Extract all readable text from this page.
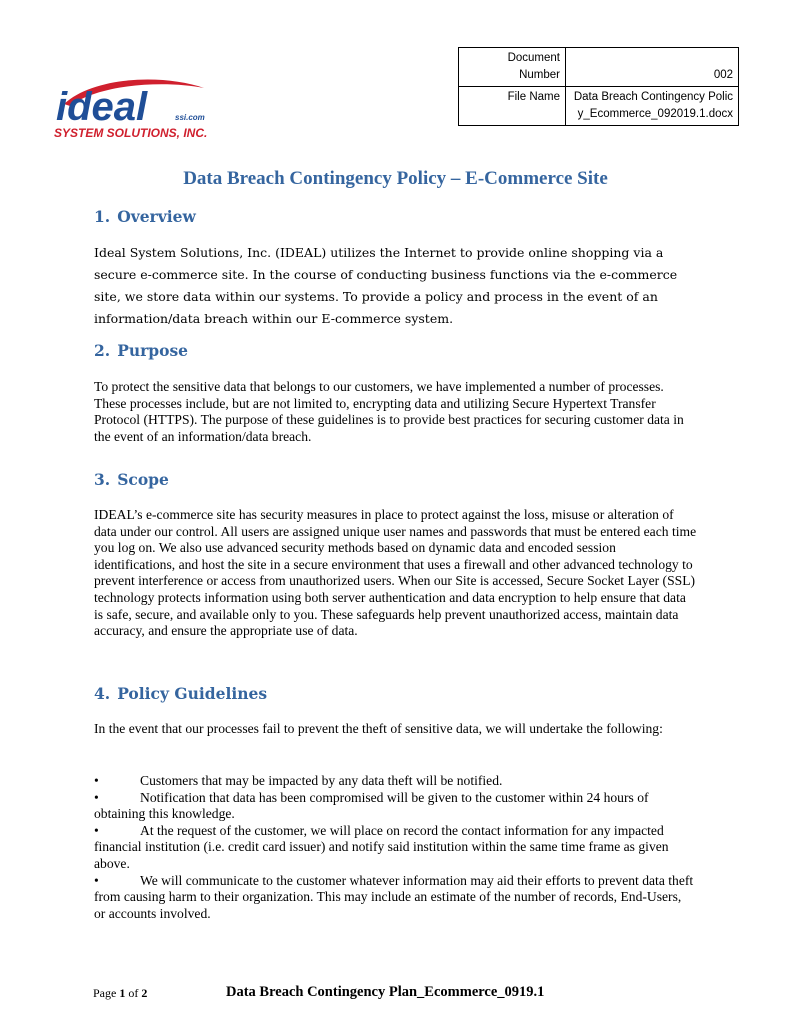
ideal	ssi.com
SYSTEM SOLUTIONS, INC.
Document Number	002
File Name	Data Breach Contingency Policy_Ecommerce_092019.1.docx
Data Breach Contingency Policy – E-Commerce Site
1. Overview

Ideal System Solutions, Inc. (IDEAL) utilizes the Internet to provide online shopping via a secure e-commerce site. In the course of conducting business functions via the e-commerce site, we store data within our systems. To provide a policy and process in the event of an information/data breach within our E-commerce system.

2. Purpose

To protect the sensitive data that belongs to our customers, we have implemented a number of processes. These processes include, but are not limited to, encrypting data and utilizing Secure Hypertext Transfer Protocol (HTTPS). The purpose of these guidelines is to provide best practices for securing customer data in the event of an information/data breach.

3. Scope

IDEAL’s e-commerce site has security measures in place to protect against the loss, misuse or alteration of data under our control. All users are assigned unique user names and passwords that must be entered each time you log on. We also use advanced security methods based on dynamic data and encoded session identifications, and host the site in a secure environment that uses a firewall and other advanced technology to prevent interference or access from unauthorized users. When our Site is accessed, Secure Socket Layer (SSL) technology protects information using both server authentication and data encryption to help ensure that data is safe, secure, and available only to you. These safeguards help prevent unauthorized access, maintain data accuracy, and ensure the appropriate use of data.

4. Policy Guidelines

In the event that our processes fail to prevent the theft of sensitive data, we will undertake the following:

•	Customers that may be impacted by any data theft will be notified.
•	Notification that data has been compromised will be given to the customer within 24 hours of obtaining this knowledge.
•	At the request of the customer, we will place on record the contact information for any impacted financial institution (i.e. credit card issuer) and notify said institution within the same time frame as given above.
•	We will communicate to the customer whatever information may aid their efforts to prevent data theft from causing harm to their organization. This may include an estimate of the number of records, End-Users, or accounts involved.
Page 1 of 2	Data Breach Contingency Plan_Ecommerce_0919.1
